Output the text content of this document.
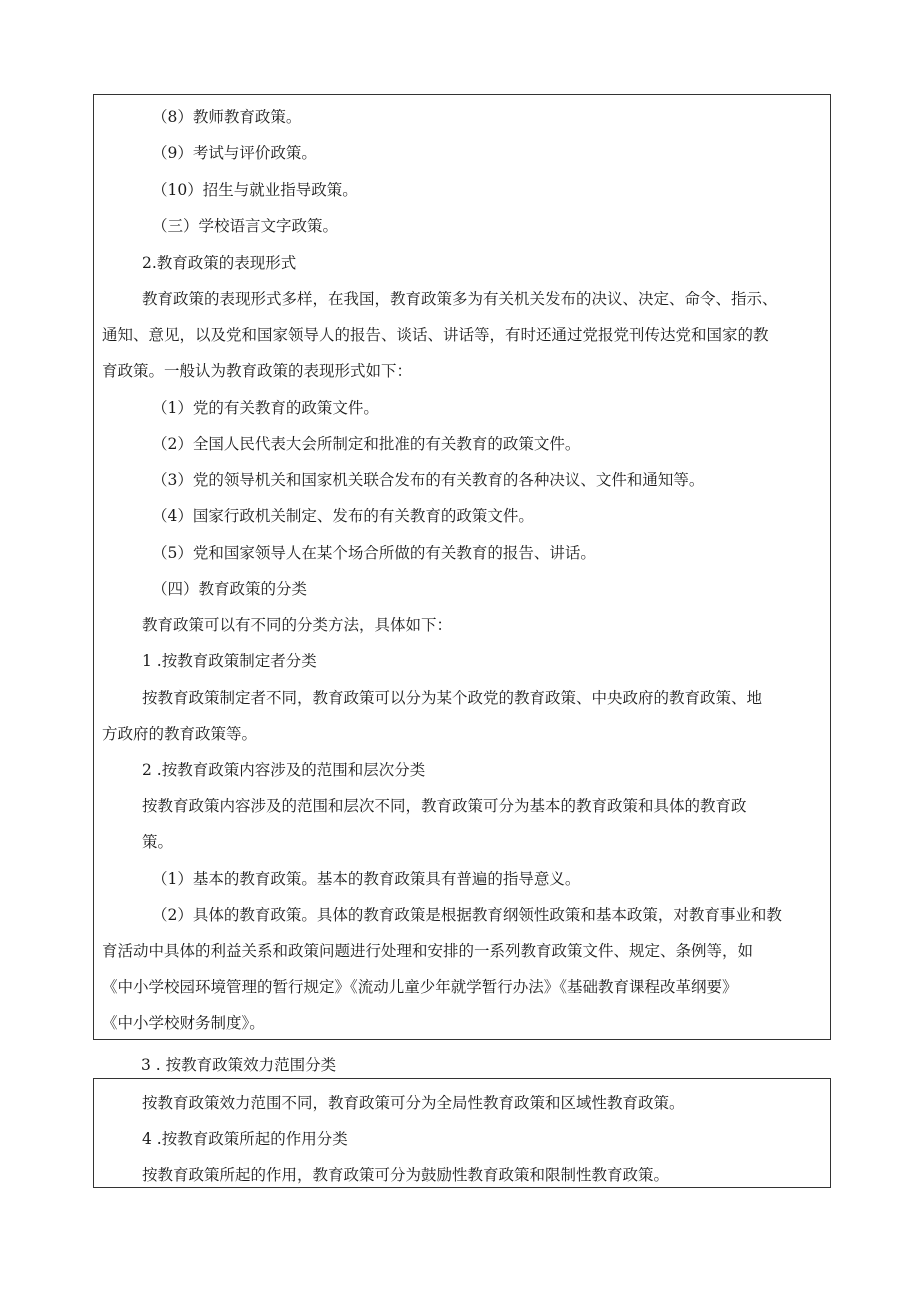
（8）教师教育政策。
（9）考试与评价政策。
（10）招生与就业指导政策。
（三）学校语言文字政策。
2.教育政策的表现形式
教育政策的表现形式多样，在我国，教育政策多为有关机关发布的决议、决定、命令、指示、
通知、意见，以及党和国家领导人的报告、谈话、讲话等，有时还通过党报党刊传达党和国家的教
育政策。一般认为教育政策的表现形式如下：
（1）党的有关教育的政策文件。
（2）全国人民代表大会所制定和批准的有关教育的政策文件。
（3）党的领导机关和国家机关联合发布的有关教育的各种决议、文件和通知等。
（4）国家行政机关制定、发布的有关教育的政策文件。
（5）党和国家领导人在某个场合所做的有关教育的报告、讲话。
（四）教育政策的分类
教育政策可以有不同的分类方法，具体如下：
1 .按教育政策制定者分类
按教育政策制定者不同，教育政策可以分为某个政党的教育政策、中央政府的教育政策、地
方政府的教育政策等。
2 .按教育政策内容涉及的范围和层次分类
按教育政策内容涉及的范围和层次不同，教育政策可分为基本的教育政策和具体的教育政
策。
（1）基本的教育政策。基本的教育政策具有普遍的指导意义。
（2）具体的教育政策。具体的教育政策是根据教育纲领性政策和基本政策，对教育事业和教
育活动中具体的利益关系和政策问题进行处理和安排的一系列教育政策文件、规定、条例等，如
《中小学校园环境管理的暂行规定》《流动儿童少年就学暂行办法》《基础教育课程改革纲要》
《中小学校财务制度》。
3 . 按教育政策效力范围分类
按教育政策效力范围不同，教育政策可分为全局性教育政策和区域性教育政策。
4 .按教育政策所起的作用分类
按教育政策所起的作用，教育政策可分为鼓励性教育政策和限制性教育政策。
